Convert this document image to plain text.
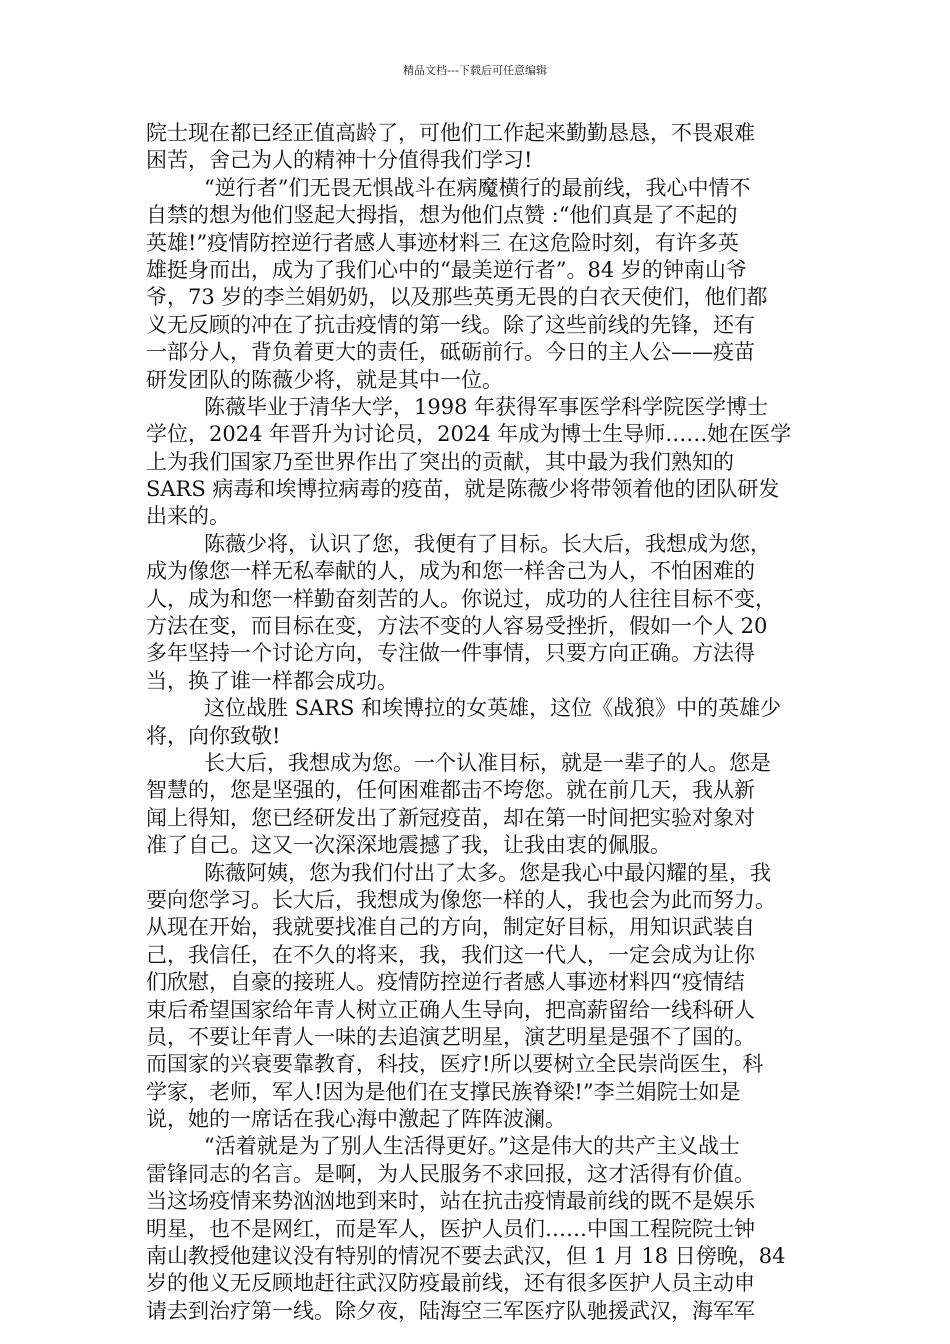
精品文档---下载后可任意编辑
院士现在都已经正值高龄了，可他们工作起来勤勤恳恳，不畏艰难
困苦，舍己为人的精神十分值得我们学习!
“逆行者”们无畏无惧战斗在病魔横行的最前线，我心中情不
自禁的想为他们竖起大拇指，想为他们点赞 :“他们真是了不起的
英雄!”疫情防控逆行者感人事迹材料三 在这危险时刻，有许多英
雄挺身而出，成为了我们心中的“最美逆行者”。84 岁的钟南山爷
爷，73 岁的李兰娟奶奶，以及那些英勇无畏的白衣天使们，他们都
义无反顾的冲在了抗击疫情的第一线。除了这些前线的先锋，还有
一部分人，背负着更大的责任，砥砺前行。今日的主人公——疫苗
研发团队的陈薇少将，就是其中一位。
陈薇毕业于清华大学，1998 年获得军事医学科学院医学博士
学位，2024 年晋升为讨论员，2024 年成为博士生导师……她在医学
上为我们国家乃至世界作出了突出的贡献，其中最为我们熟知的
SARS 病毒和埃博拉病毒的疫苗，就是陈薇少将带领着他的团队研发
出来的。
陈薇少将，认识了您，我便有了目标。长大后，我想成为您，
成为像您一样无私奉献的人，成为和您一样舍己为人，不怕困难的
人，成为和您一样勤奋刻苦的人。你说过，成功的人往往目标不变，
方法在变，而目标在变，方法不变的人容易受挫折，假如一个人 20
多年坚持一个讨论方向，专注做一件事情，只要方向正确。方法得
当，换了谁一样都会成功。
这位战胜 SARS 和埃博拉的女英雄，这位《战狼》中的英雄少
将，向你致敬!
长大后，我想成为您。一个认准目标，就是一辈子的人。您是
智慧的，您是坚强的，任何困难都击不垮您。就在前几天，我从新
闻上得知，您已经研发出了新冠疫苗，却在第一时间把实验对象对
准了自己。这又一次深深地震撼了我，让我由衷的佩服。
陈薇阿姨，您为我们付出了太多。您是我心中最闪耀的星，我
要向您学习。长大后，我想成为像您一样的人，我也会为此而努力。
从现在开始，我就要找准自己的方向，制定好目标，用知识武装自
己，我信任，在不久的将来，我，我们这一代人，一定会成为让你
们欣慰，自豪的接班人。疫情防控逆行者感人事迹材料四“疫情结
束后希望国家给年青人树立正确人生导向，把高薪留给一线科研人
员，不要让年青人一味的去追演艺明星，演艺明星是强不了国的。
而国家的兴衰要靠教育，科技，医疗!所以要树立全民崇尚医生，科
学家，老师，军人!因为是他们在支撑民族脊梁!”李兰娟院士如是
说，她的一席话在我心海中激起了阵阵波澜。
“活着就是为了别人生活得更好。”这是伟大的共产主义战士
雷锋同志的名言。是啊，为人民服务不求回报，这才活得有价值。
当这场疫情来势汹汹地到来时，站在抗击疫情最前线的既不是娱乐
明星，也不是网红，而是军人，医护人员们……中国工程院院士钟
南山教授他建议没有特别的情况不要去武汉，但 1 月 18 日傍晚，84
岁的他义无反顾地赶往武汉防疫最前线，还有很多医护人员主动申
请去到治疗第一线。除夕夜，陆海空三军医疗队驰援武汉，海军军
